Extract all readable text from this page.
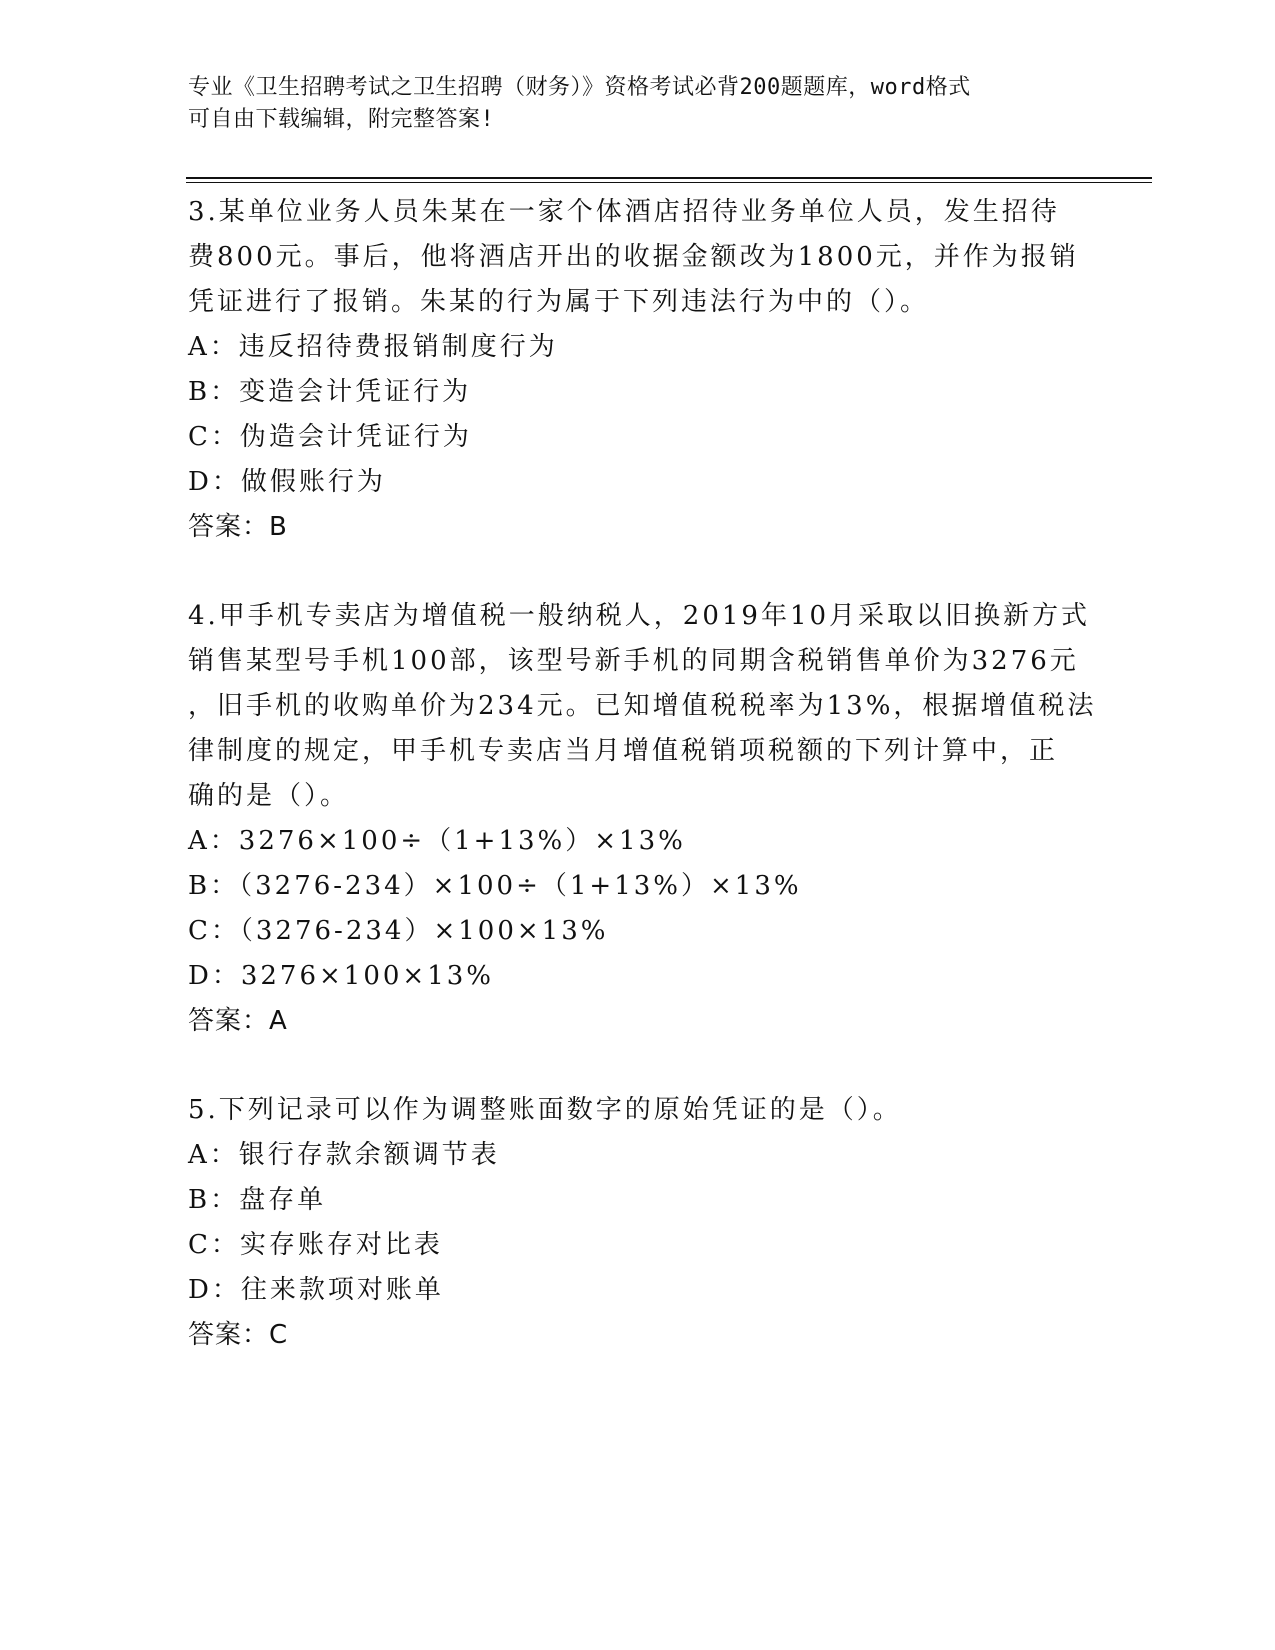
专业《卫生招聘考试之卫生招聘（财务）》资格考试必背200题题库，word格式
可自由下载编辑，附完整答案!
3.某单位业务人员朱某在一家个体酒店招待业务单位人员，发生招待
费800元。事后，他将酒店开出的收据金额改为1800元，并作为报销
凭证进行了报销。朱某的行为属于下列违法行为中的（）。
A：违反招待费报销制度行为
B：变造会计凭证行为
C：伪造会计凭证行为
D：做假账行为
答案：B
4.甲手机专卖店为增值税一般纳税人，2019年10月采取以旧换新方式
销售某型号手机100部，该型号新手机的同期含税销售单价为3276元
，旧手机的收购单价为234元。已知增值税税率为13%，根据增值税法
律制度的规定，甲手机专卖店当月增值税销项税额的下列计算中，正
确的是（）。
A：3276×100÷（1+13%）×13%
B：（3276-234）×100÷（1+13%）×13%
C：（3276-234）×100×13%
D：3276×100×13%
答案：A
5.下列记录可以作为调整账面数字的原始凭证的是（）。
A：银行存款余额调节表
B：盘存单
C：实存账存对比表
D：往来款项对账单
答案：C
